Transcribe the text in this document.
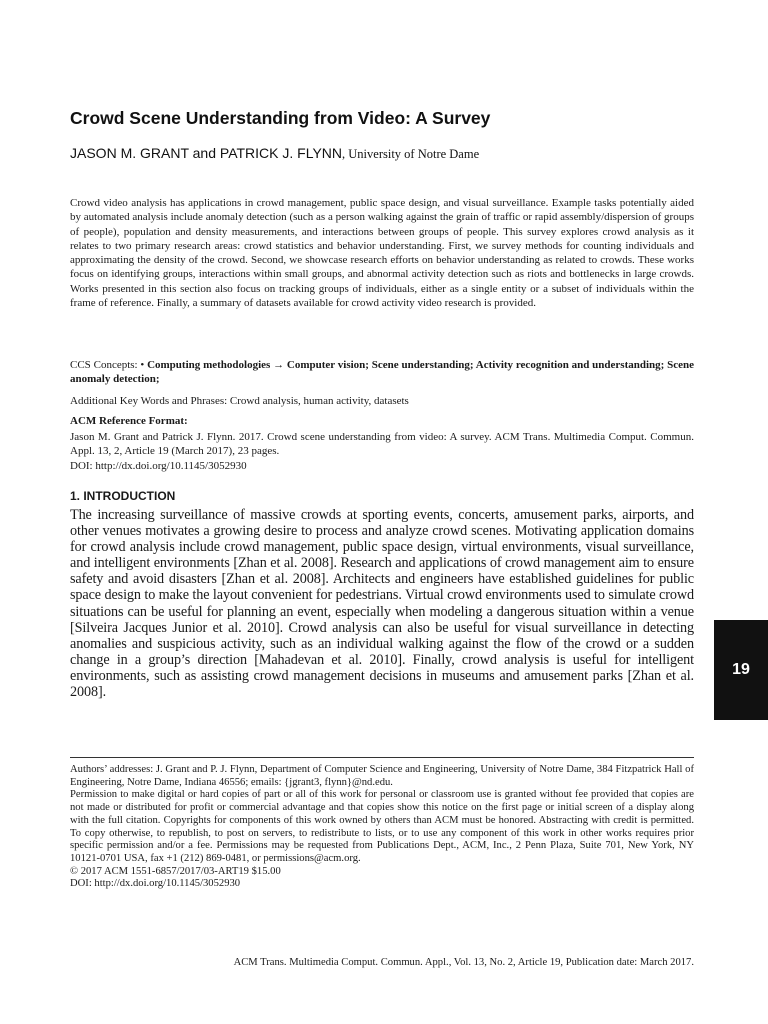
Crowd Scene Understanding from Video: A Survey
JASON M. GRANT and PATRICK J. FLYNN, University of Notre Dame
Crowd video analysis has applications in crowd management, public space design, and visual surveillance. Example tasks potentially aided by automated analysis include anomaly detection (such as a person walking against the grain of traffic or rapid assembly/dispersion of groups of people), population and density measurements, and interactions between groups of people. This survey explores crowd analysis as it relates to two primary research areas: crowd statistics and behavior understanding. First, we survey methods for counting individuals and approximating the density of the crowd. Second, we showcase research efforts on behavior understanding as related to crowds. These works focus on identifying groups, interactions within small groups, and abnormal activity detection such as riots and bottlenecks in large crowds. Works presented in this section also focus on tracking groups of individuals, either as a single entity or a subset of individuals within the frame of reference. Finally, a summary of datasets available for crowd activity video research is provided.
CCS Concepts: • Computing methodologies → Computer vision; Scene understanding; Activity recognition and understanding; Scene anomaly detection;
Additional Key Words and Phrases: Crowd analysis, human activity, datasets
ACM Reference Format:

Jason M. Grant and Patrick J. Flynn. 2017. Crowd scene understanding from video: A survey. ACM Trans. Multimedia Comput. Commun. Appl. 13, 2, Article 19 (March 2017), 23 pages.

DOI: http://dx.doi.org/10.1145/3052930

1. INTRODUCTION
The increasing surveillance of massive crowds at sporting events, concerts, amusement parks, airports, and other venues motivates a growing desire to process and analyze crowd scenes. Motivating application domains for crowd analysis include crowd management, public space design, virtual environments, visual surveillance, and intelligent environments [Zhan et al. 2008]. Research and applications of crowd management aim to ensure safety and avoid disasters [Zhan et al. 2008]. Architects and engineers have established guidelines for public space design to make the layout convenient for pedestrians. Virtual crowd environments used to simulate crowd situations can be useful for planning an event, especially when modeling a dangerous situation within a venue [Silveira Jacques Junior et al. 2010]. Crowd analysis can also be useful for visual surveillance in detecting anomalies and suspicious activity, such as an individual walking against the flow of the crowd or a sudden change in a group’s direction [Mahadevan et al. 2010]. Finally, crowd analysis is useful for intelligent environments, such as assisting crowd management decisions in museums and amusement parks [Zhan et al. 2008].

Authors’ addresses: J. Grant and P. J. Flynn, Department of Computer Science and Engineering, University of Notre Dame, 384 Fitzpatrick Hall of Engineering, Notre Dame, Indiana 46556; emails: {jgrant3, flynn}@nd.edu.

Permission to make digital or hard copies of part or all of this work for personal or classroom use is granted without fee provided that copies are not made or distributed for profit or commercial advantage and that copies show this notice on the first page or initial screen of a display along with the full citation. Copyrights for components of this work owned by others than ACM must be honored. Abstracting with credit is permitted. To copy otherwise, to republish, to post on servers, to redistribute to lists, or to use any component of this work in other works requires prior specific permission and/or a fee. Permissions may be requested from Publications Dept., ACM, Inc., 2 Penn Plaza, Suite 701, New York, NY 10121-0701 USA, fax +1 (212) 869-0481, or permissions@acm.org.

© 2017 ACM 1551-6857/2017/03-ART19 $15.00

DOI: http://dx.doi.org/10.1145/3052930

ACM Trans. Multimedia Comput. Commun. Appl., Vol. 13, No. 2, Article 19, Publication date: March 2017.
19
